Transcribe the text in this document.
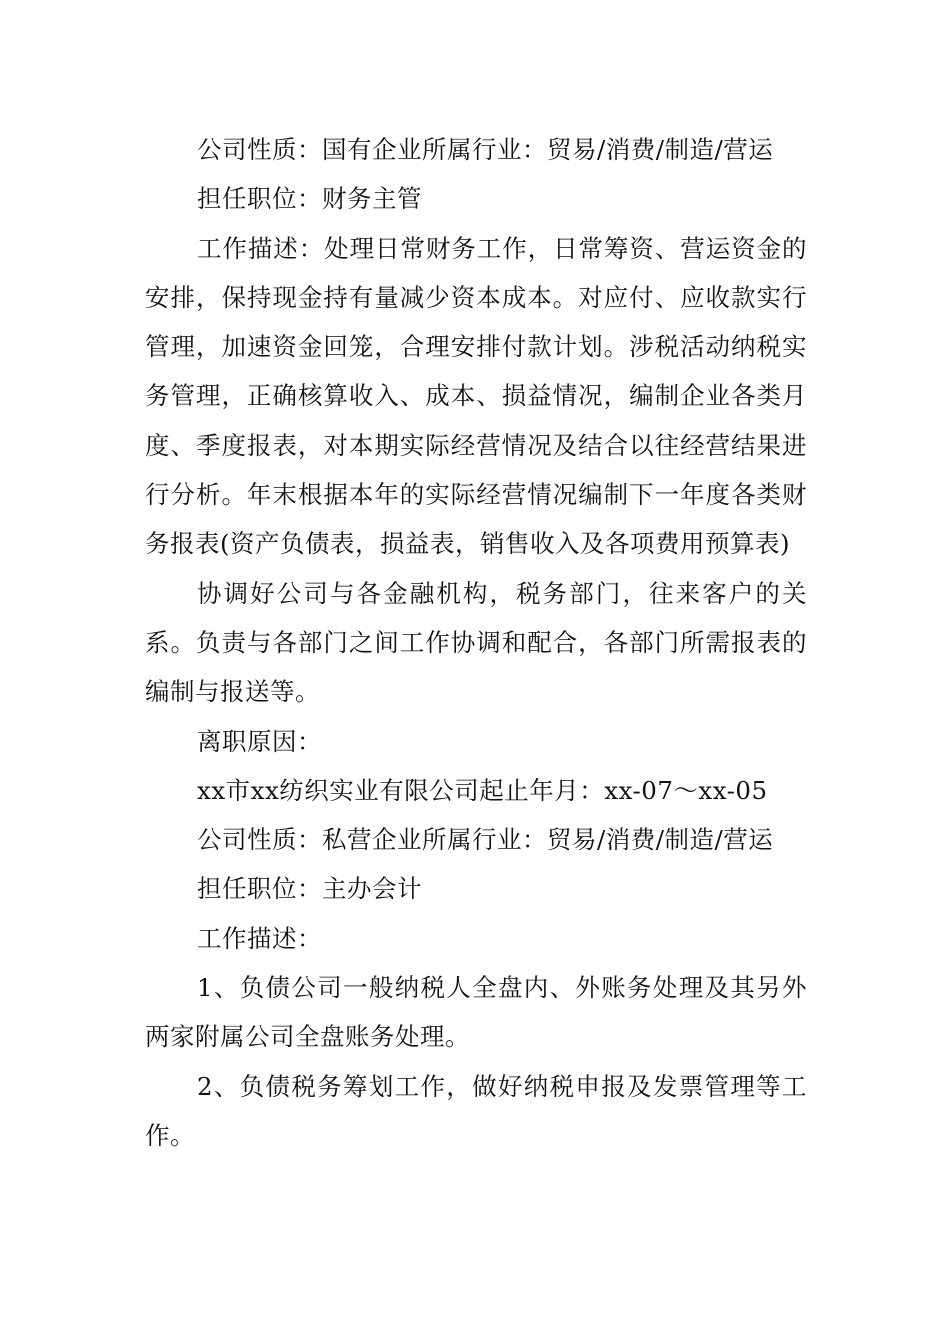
公司性质：国有企业所属行业：贸易/消费/制造/营运

担任职位：财务主管

工作描述：处理日常财务工作，日常筹资、营运资金的安排，保持现金持有量减少资本成本。对应付、应收款实行管理，加速资金回笼，合理安排付款计划。涉税活动纳税实务管理，正确核算收入、成本、损益情况，编制企业各类月度、季度报表，对本期实际经营情况及结合以往经营结果进行分析。年末根据本年的实际经营情况编制下一年度各类财务报表(资产负债表，损益表，销售收入及各项费用预算表)

协调好公司与各金融机构，税务部门，往来客户的关系。负责与各部门之间工作协调和配合，各部门所需报表的编制与报送等。

离职原因：

xx市xx纺织实业有限公司起止年月：xx-07～xx-05

公司性质：私营企业所属行业：贸易/消费/制造/营运

担任职位：主办会计

工作描述：

1、负债公司一般纳税人全盘内、外账务处理及其另外两家附属公司全盘账务处理。

2、负债税务筹划工作，做好纳税申报及发票管理等工作。
